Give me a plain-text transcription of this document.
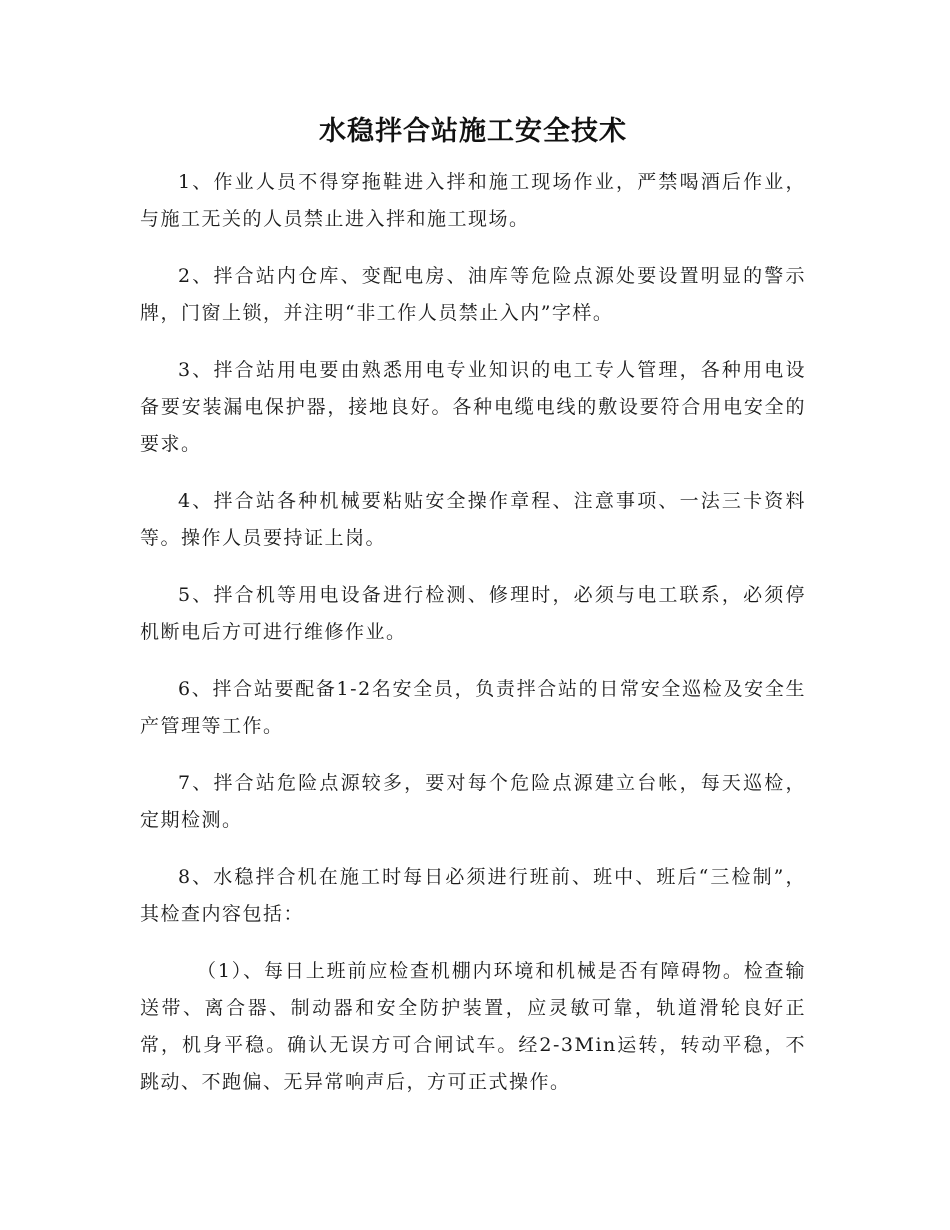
水稳拌合站施工安全技术

1、作业人员不得穿拖鞋进入拌和施工现场作业，严禁喝酒后作业，与施工无关的人员禁止进入拌和施工现场。

2、拌合站内仓库、变配电房、油库等危险点源处要设置明显的警示牌，门窗上锁，并注明“非工作人员禁止入内”字样。

3、拌合站用电要由熟悉用电专业知识的电工专人管理，各种用电设备要安装漏电保护器，接地良好。各种电缆电线的敷设要符合用电安全的要求。

4、拌合站各种机械要粘贴安全操作章程、注意事项、一法三卡资料等。操作人员要持证上岗。

5、拌合机等用电设备进行检测、修理时，必须与电工联系，必须停机断电后方可进行维修作业。

6、拌合站要配备1-2名安全员，负责拌合站的日常安全巡检及安全生产管理等工作。

7、拌合站危险点源较多，要对每个危险点源建立台帐，每天巡检，定期检测。

8、水稳拌合机在施工时每日必须进行班前、班中、班后“三检制”，其检查内容包括：

（1）、每日上班前应检查机棚内环境和机械是否有障碍物。检查输送带、离合器、制动器和安全防护装置，应灵敏可靠，轨道滑轮良好正常，机身平稳。确认无误方可合闸试车。经2-3Min运转，转动平稳，不跳动、不跑偏、无异常响声后，方可正式操作。
